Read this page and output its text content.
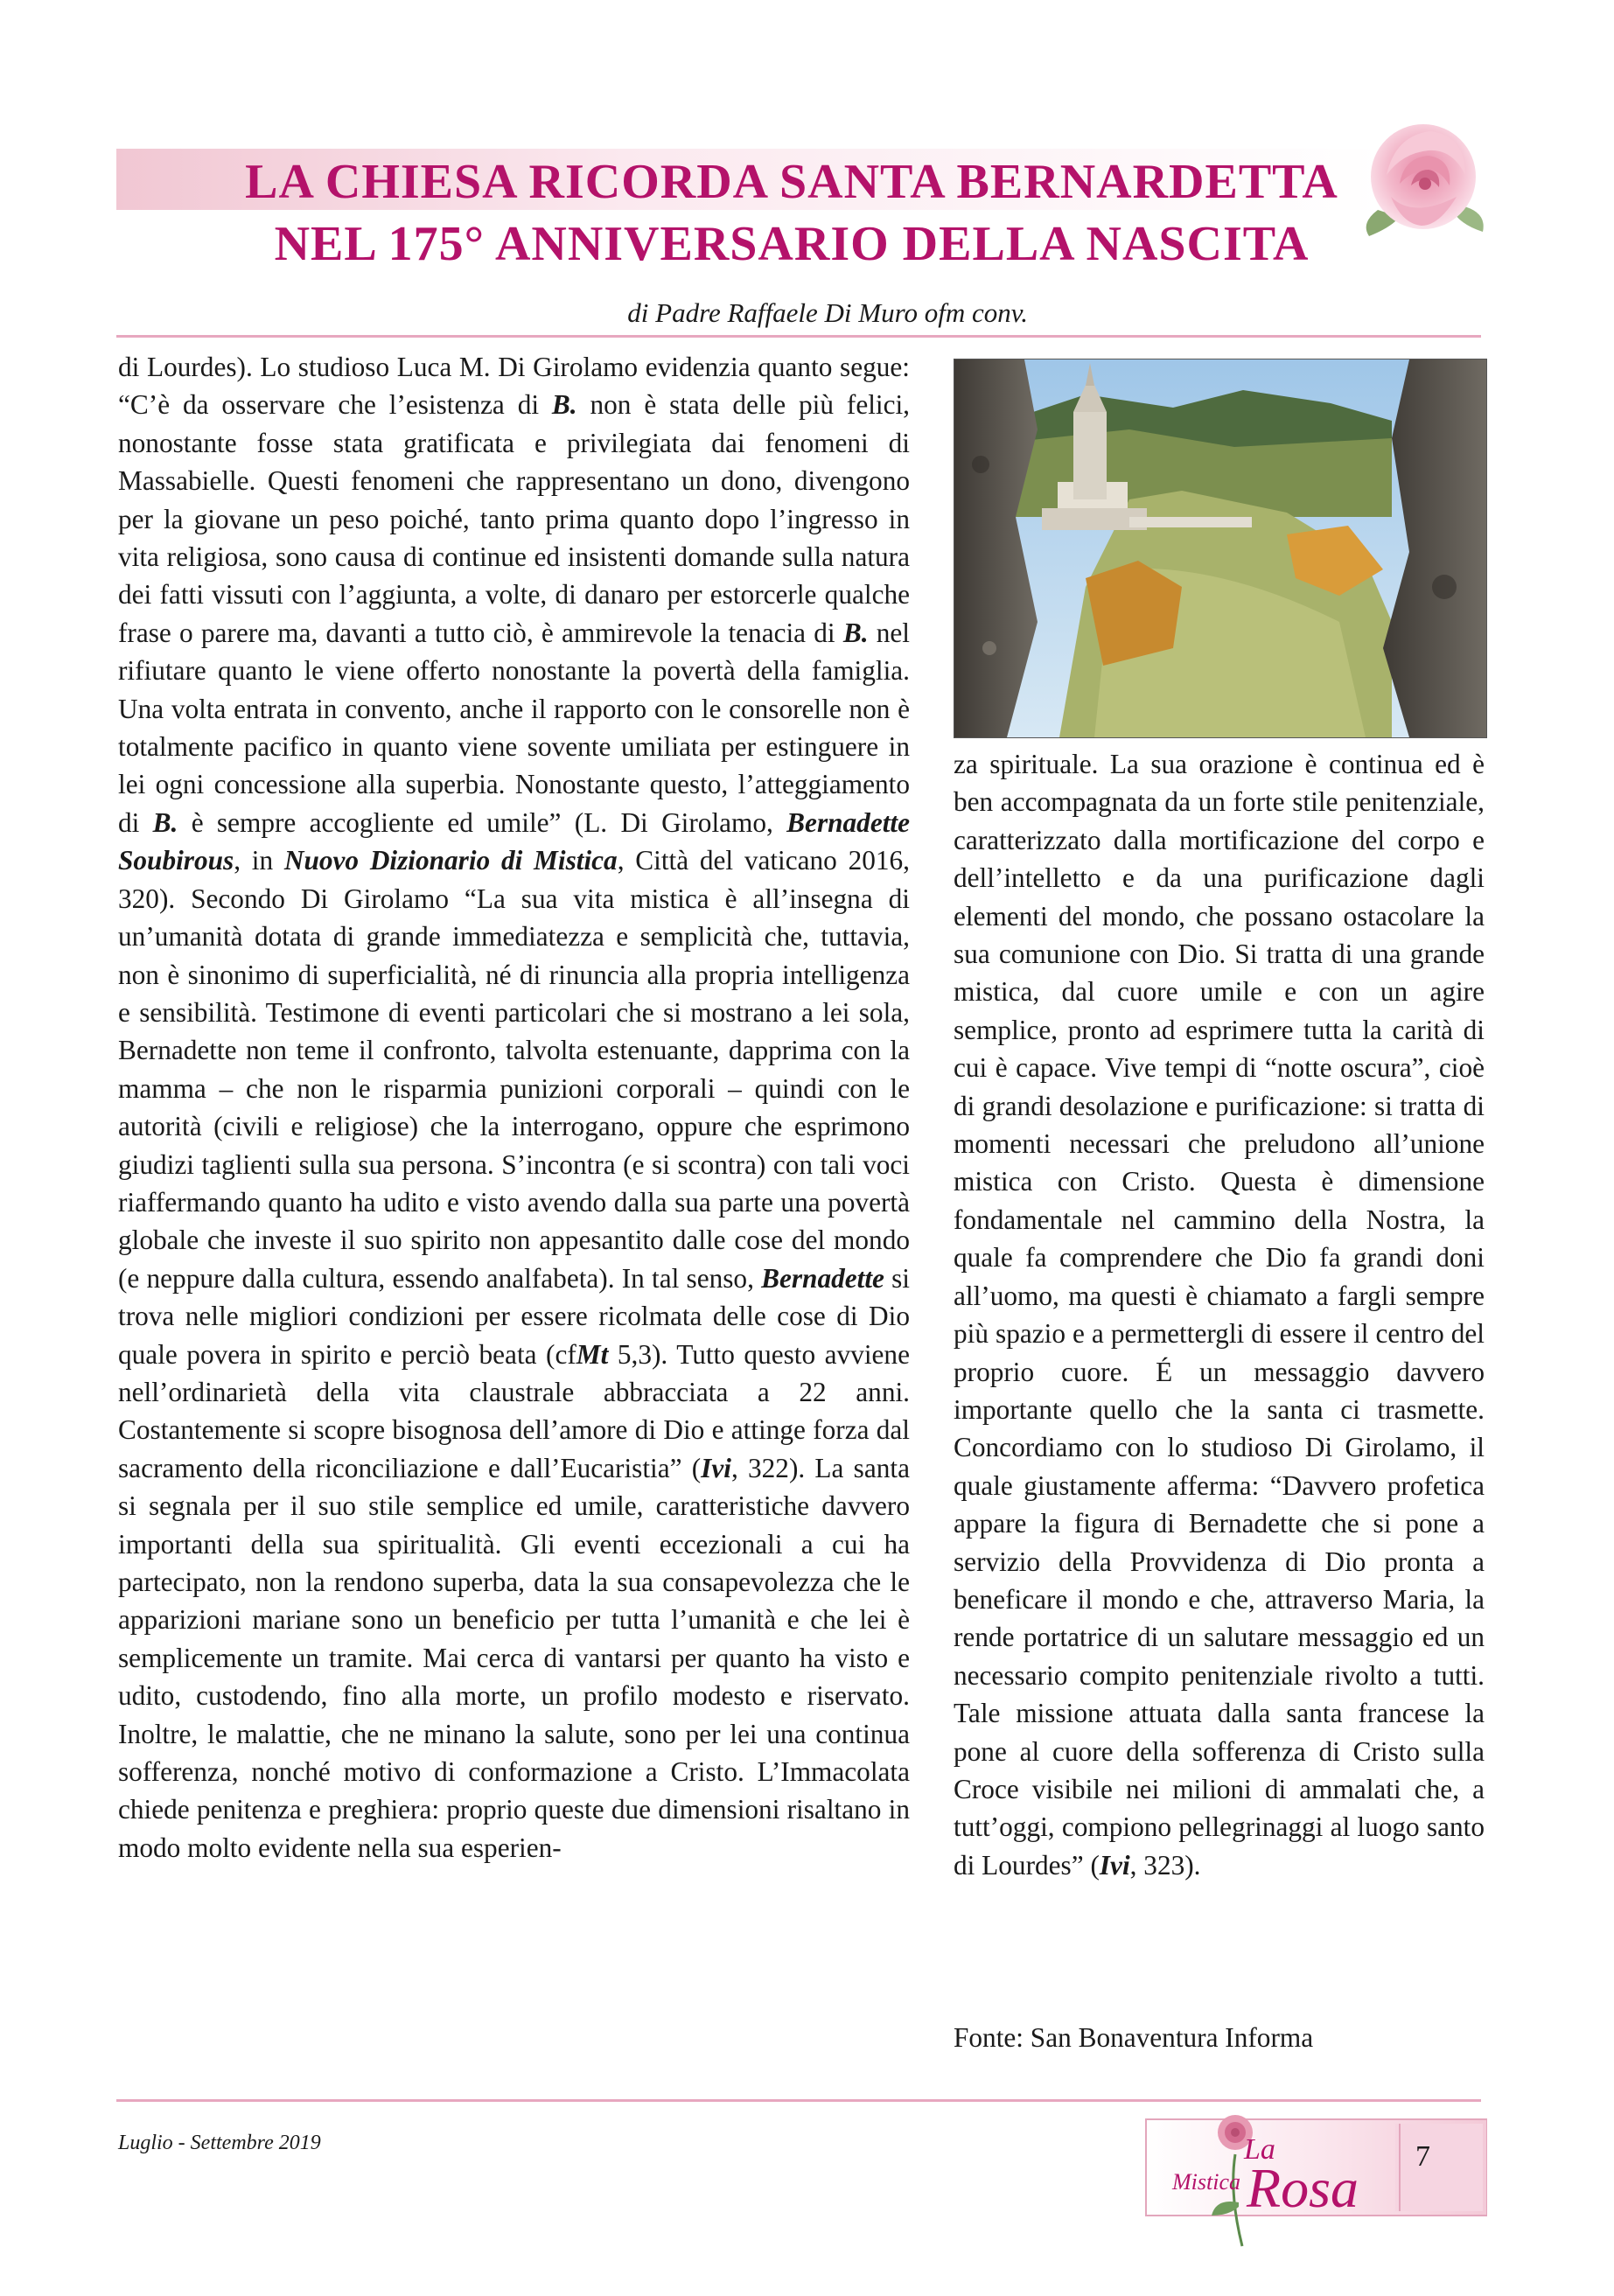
LA CHIESA RICORDA SANTA BERNARDETTA
NEL 175° ANNIVERSARIO DELLA NASCITA
di Padre Raffaele Di Muro ofm conv.

di Lourdes). Lo studioso Luca M. Di Girolamo evidenzia quanto segue: “C’è da osservare che l’esistenza di B. non è stata delle più felici, nonostante fosse stata gratificata e privilegiata dai fenomeni di Massabielle. Questi fenomeni che rappresentano un dono, divengono per la giovane un peso poiché, tanto prima quanto dopo l’ingresso in vita religiosa, sono causa di continue ed insistenti domande sulla natura dei fatti vissuti con l’aggiunta, a volte, di danaro per estorcerle qualche frase o parere ma, davanti a tutto ciò, è ammirevole la tenacia di B. nel rifiutare quanto le viene offerto nonostante la povertà della famiglia. Una volta entrata in convento, anche il rapporto con le consorelle non è totalmente pacifico in quanto viene sovente umiliata per estinguere in lei ogni concessione alla superbia. Nonostante questo, l’atteggiamento di B. è sempre accogliente ed umile” (L. Di Girolamo, Bernadette Soubirous, in Nuovo Dizionario di Mistica, Città del vaticano 2016, 320). Secondo Di Girolamo “La sua vita mistica è all’insegna di un’umanità dotata di grande immediatezza e semplicità che, tuttavia, non è sinonimo di superficialità, né di rinuncia alla propria intelligenza e sensibilità. Testimone di eventi particolari che si mostrano a lei sola, Bernadette non teme il confronto, talvolta estenuante, dapprima con la mamma – che non le risparmia punizioni corporali – quindi con le autorità (civili e religiose) che la interrogano, oppure che esprimono giudizi taglienti sulla sua persona. S’incontra (e si scontra) con tali voci riaffermando quanto ha udito e visto avendo dalla sua parte una povertà globale che investe il suo spirito non appesantito dalle cose del mondo (e neppure dalla cultura, essendo analfabeta). In tal senso, Bernadette si trova nelle migliori condizioni per essere ricolmata delle cose di Dio quale povera in spirito e perciò beata (cfMt 5,3). Tutto questo avviene nell’ordinarietà della vita claustrale abbracciata a 22 anni. Costantemente si scopre bisognosa dell’amore di Dio e attinge forza dal sacramento della riconciliazione e dall’Eucaristia” (Ivi, 322). La santa si segnala per il suo stile semplice ed umile, caratteristiche davvero importanti della sua spiritualità. Gli eventi eccezionali a cui ha partecipato, non la rendono superba, data la sua consapevolezza che le apparizioni mariane sono un beneficio per tutta l’umanità e che lei è semplicemente un tramite. Mai cerca di vantarsi per quanto ha visto e udito, custodendo, fino alla morte, un profilo modesto e riservato. Inoltre, le malattie, che ne minano la salute, sono per lei una continua sofferenza, nonché motivo di conformazione a Cristo. L’Immacolata chiede penitenza e preghiera: proprio queste due dimensioni risaltano in modo molto evidente nella sua esperien-

za spirituale. La sua orazione è continua ed è ben accompagnata da un forte stile penitenziale, caratterizzato dalla mortificazione del corpo e dell’intelletto e da una purificazione dagli elementi del mondo, che possano ostacolare la sua comunione con Dio. Si tratta di una grande mistica, dal cuore umile e con un agire semplice, pronto ad esprimere tutta la carità di cui è capace. Vive tempi di “notte oscura”, cioè di grandi desolazione e purificazione: si tratta di momenti necessari che preludono all’unione mistica con Cristo. Questa è dimensione fondamentale nel cammino della Nostra, la quale fa comprendere che Dio fa grandi doni all’uomo, ma questi è chiamato a fargli sempre più spazio e a permettergli di essere il centro del proprio cuore. É un messaggio davvero importante quello che la santa ci trasmette. Concordiamo con lo studioso Di Girolamo, il quale giustamente afferma: “Davvero profetica appare la figura di Bernadette che si pone a servizio della Provvidenza di Dio pronta a beneficare il mondo e che, attraverso Maria, la rende portatrice di un salutare messaggio ed un necessario compito penitenziale rivolto a tutti. Tale missione attuata dalla santa francese la pone al cuore della sofferenza di Cristo sulla Croce visibile nei milioni di ammalati che, a tutt’oggi, compiono pellegrinaggi al luogo santo di Lourdes” (Ivi, 323).

Fonte: San Bonaventura Informa
Luglio - Settembre 2019	La
Mistica Rosa
7
